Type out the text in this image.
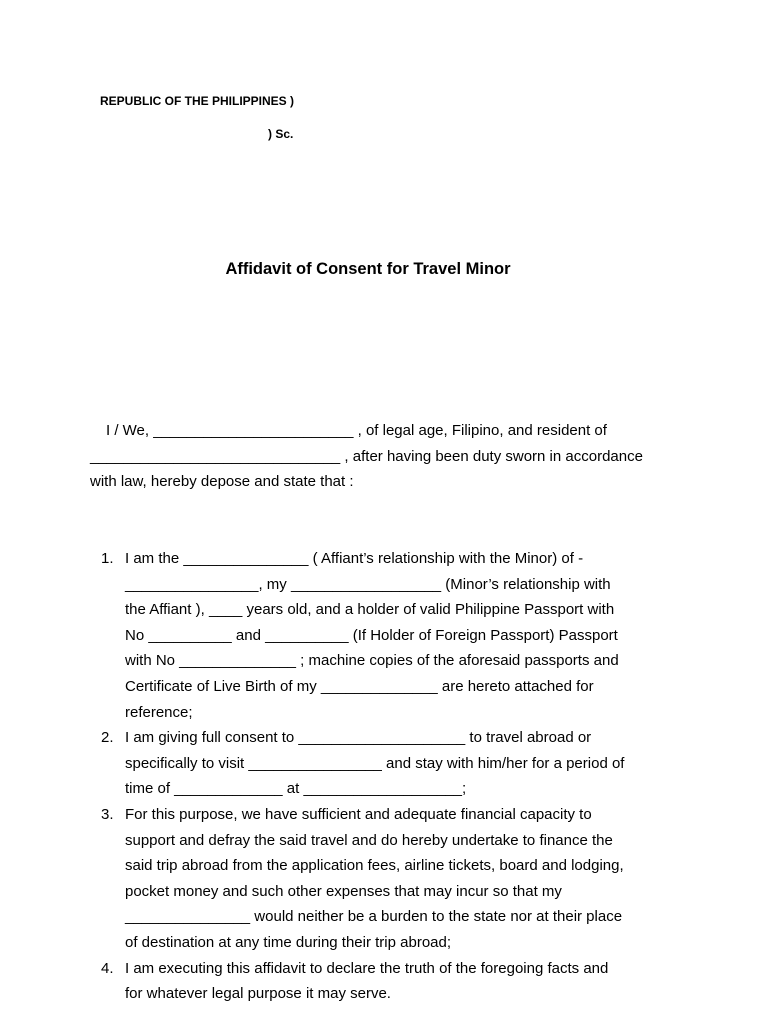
REPUBLIC OF THE PHILIPPINES )
) Sc.
Affidavit of Consent for Travel Minor
I / We, ________________________ , of legal age, Filipino, and resident of
______________________________ , after having been duty sworn in accordance
with law, hereby depose and state that :
1. I am the _______________ ( Affiant’s relationship with the Minor) of -
________________, my __________________ (Minor’s relationship with
the Affiant ), ____ years old, and a holder of valid Philippine Passport with
No __________ and __________ (If Holder of Foreign Passport) Passport
with No ______________ ; machine copies of the aforesaid passports and
Certificate of Live Birth of my ______________ are hereto attached for
reference;
2. I am giving full consent to ____________________ to travel abroad or
specifically to visit ________________ and stay with him/her for a period of
time of _____________ at ___________________;
3. For this purpose, we have sufficient and adequate financial capacity to
support and defray the said travel and do hereby undertake to finance the
said trip abroad from the application fees, airline tickets, board and lodging,
pocket money and such other expenses that may incur so that my
_______________ would neither be a burden to the state nor at their place
of destination at any time during their trip abroad;
4. I am executing this affidavit to declare the truth of the foregoing facts and
for whatever legal purpose it may serve.
